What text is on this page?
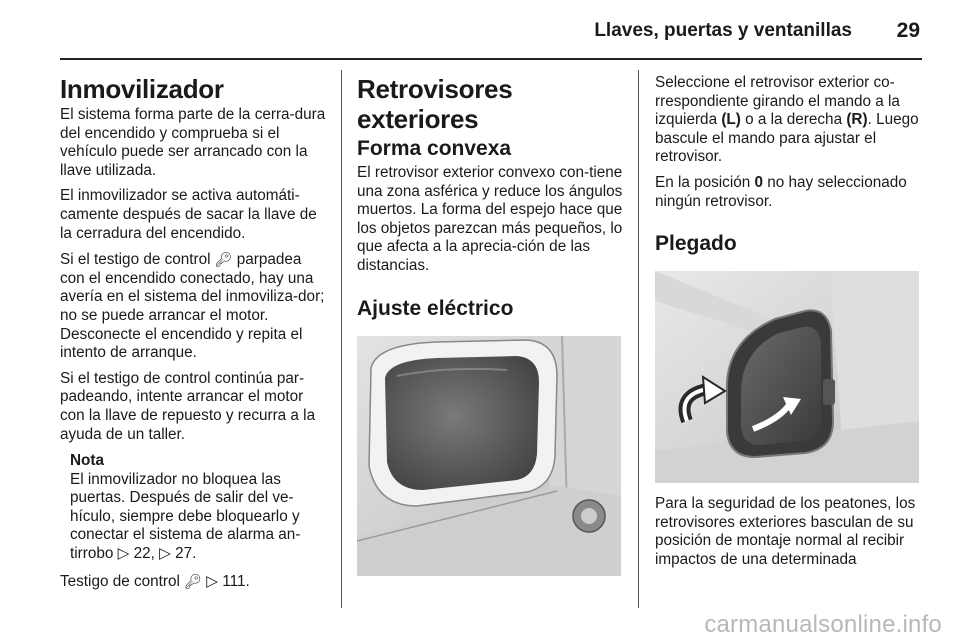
Llaves, puertas y ventanillas 29
Inmovilizador

El sistema forma parte de la cerra-dura del encendido y comprueba si el vehículo puede ser arrancado con la llave utilizada.

El inmovilizador se activa automáti-camente después de sacar la llave de la cerradura del encendido.

Si el testigo de control 🔑︎ parpadea con el encendido conectado, hay una avería en el sistema del inmoviliza-dor; no se puede arrancar el motor. Desconecte el encendido y repita el intento de arranque.

Si el testigo de control continúa par-padeando, intente arrancar el motor con la llave de repuesto y recurra a la ayuda de un taller.

Nota
El inmovilizador no bloquea las puertas. Después de salir del ve-hículo, siempre debe bloquearlo y conectar el sistema de alarma an-tirrobo ▷ 22, ▷ 27.

Testigo de control 🔑︎ ▷ 111.

Retrovisores exteriores
Forma convexa

El retrovisor exterior convexo con-tiene una zona asférica y reduce los ángulos muertos. La forma del espejo hace que los objetos parezcan más pequeños, lo que afecta a la aprecia-ción de las distancias.

Ajuste eléctrico

Seleccione el retrovisor exterior co-rrespondiente girando el mando a la izquierda (L) o a la derecha (R). Luego bascule el mando para ajustar el retrovisor.

En la posición 0 no hay seleccionado ningún retrovisor.

Plegado

Para la seguridad de los peatones, los retrovisores exteriores basculan de su posición de montaje normal al recibir impactos de una determinada

carmanualsonline.info
